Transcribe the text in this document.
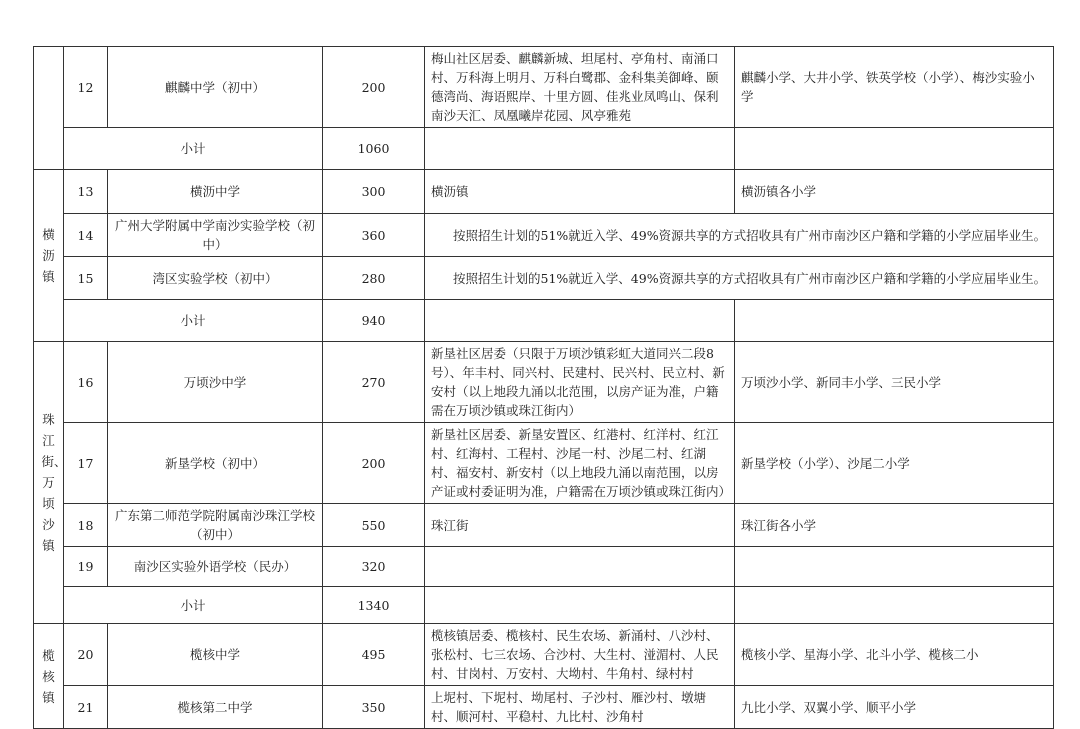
	12	麒麟中学（初中）	200	梅山社区居委、麒麟新城、坦尾村、亭角村、南涌口村、万科海上明月、万科白鹭郡、金科集美御峰、颐德湾尚、海语熙岸、十里方圆、佳兆业凤鸣山、保利南沙天汇、凤凰曦岸花园、风亭雅苑	麒麟小学、大井小学、铁英学校（小学）、梅沙实验小学
	小计		1060		
横沥镇	13	横沥中学	300	横沥镇	横沥镇各小学
	14	广州大学附属中学南沙实验学校（初中）	360	按照招生计划的51%就近入学、49%资源共享的方式招收具有广州市南沙区户籍和学籍的小学应届毕业生。	
	15	湾区实验学校（初中）	280	按照招生计划的51%就近入学、49%资源共享的方式招收具有广州市南沙区户籍和学籍的小学应届毕业生。	
	小计		940		
珠江街、万顷沙镇	16	万顷沙中学	270	新垦社区居委（只限于万顷沙镇彩虹大道同兴二段8号）、年丰村、同兴村、民建村、民兴村、民立村、新安村（以上地段九涌以北范围，以房产证为准，户籍需在万顷沙镇或珠江街内）	万顷沙小学、新同丰小学、三民小学
	17	新垦学校（初中）	200	新垦社区居委、新垦安置区、红港村、红洋村、红江村、红海村、工程村、沙尾一村、沙尾二村、红湖村、福安村、新安村（以上地段九涌以南范围，以房产证或村委证明为准，户籍需在万顷沙镇或珠江街内）	新垦学校（小学）、沙尾二小学
	18	广东第二师范学院附属南沙珠江学校（初中）	550	珠江街	珠江街各小学
	19	南沙区实验外语学校（民办）	320		
	小计		1340		
榄核镇	20	榄核中学	495	榄核镇居委、榄核村、民生农场、新涌村、八沙村、张松村、七三农场、合沙村、大生村、湴湄村、人民村、甘岗村、万安村、大坳村、牛角村、绿村村	榄核小学、星海小学、北斗小学、榄核二小
	21	榄核第二中学	350	上坭村、下坭村、坳尾村、子沙村、雁沙村、墩塘村、顺河村、平稳村、九比村、沙角村	九比小学、双翼小学、顺平小学
